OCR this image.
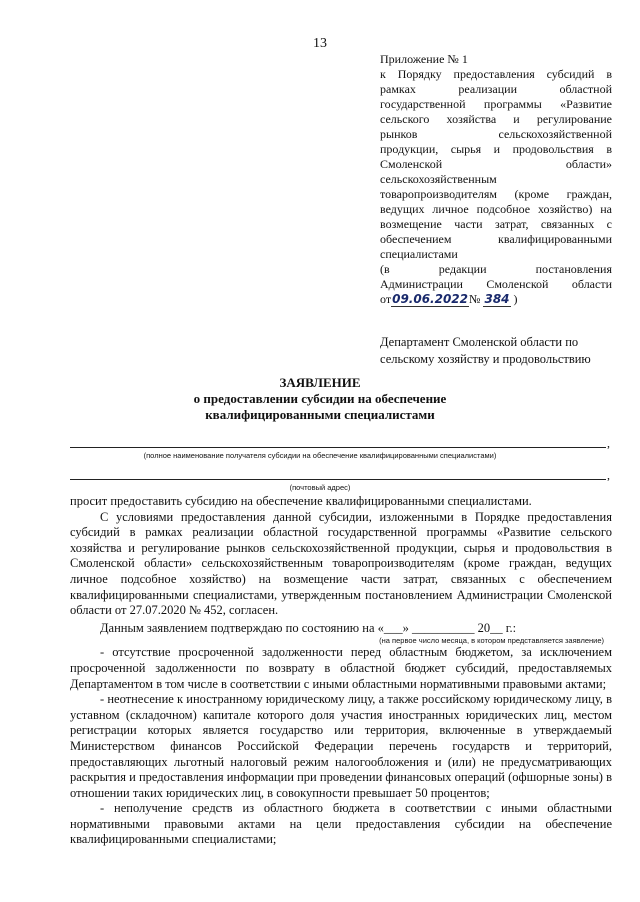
13
Приложение № 1
к Порядку предоставления субсидий в
рамках реализации областной
государственной программы «Развитие
сельского хозяйства и регулирование
рынков сельскохозяйственной
продукции, сырья и продовольствия в
Смоленской области»
сельскохозяйственным
товаропроизводителям (кроме граждан,
ведущих личное подсобное хозяйство) на
возмещение части затрат, связанных с
обеспечением квалифицированными
специалистами
(в редакции постановления
Администрации Смоленской области
от09.06.2022№ 384 )
Департамент Смоленской области по
сельскому хозяйству и продовольствию
ЗАЯВЛЕНИЕ
о предоставлении субсидии на обеспечение
квалифицированными специалистами
,
(полное наименование получателя субсидии на обеспечение квалифицированными специалистами)
,
(почтовый адрес)

просит предоставить субсидию на обеспечение квалифицированными специалистами.

С условиями предоставления данной субсидии, изложенными в Порядке предоставления субсидий в рамках реализации областной государственной программы «Развитие сельского хозяйства и регулирование рынков сельскохозяйственной продукции, сырья и продовольствия в Смоленской области» сельскохозяйственным товаропроизводителям (кроме граждан, ведущих личное подсобное хозяйство) на возмещение части затрат, связанных с обеспечением квалифицированными специалистами, утвержденным постановлением Администрации Смоленской области от 27.07.2020 № 452, согласен.

Данным заявлением подтверждаю по состоянию на «___» __________ 20__ г.:

(на первое число месяца, в котором представляется заявление)

- отсутствие просроченной задолженности перед областным бюджетом, за исключением просроченной задолженности по возврату в областной бюджет субсидий, предоставляемых Департаментом в том числе в соответствии с иными областными нормативными правовыми актами;

- неотнесение к иностранному юридическому лицу, а также российскому юридическому лицу, в уставном (складочном) капитале которого доля участия иностранных юридических лиц, местом регистрации которых является государство или территория, включенные в утверждаемый Министерством финансов Российской Федерации перечень государств и территорий, предоставляющих льготный налоговый режим налогообложения и (или) не предусматривающих раскрытия и предоставления информации при проведении финансовых операций (офшорные зоны) в отношении таких юридических лиц, в совокупности превышает 50 процентов;

- неполучение средств из областного бюджета в соответствии с иными областными нормативными правовыми актами на цели предоставления субсидии на обеспечение квалифицированными специалистами;
